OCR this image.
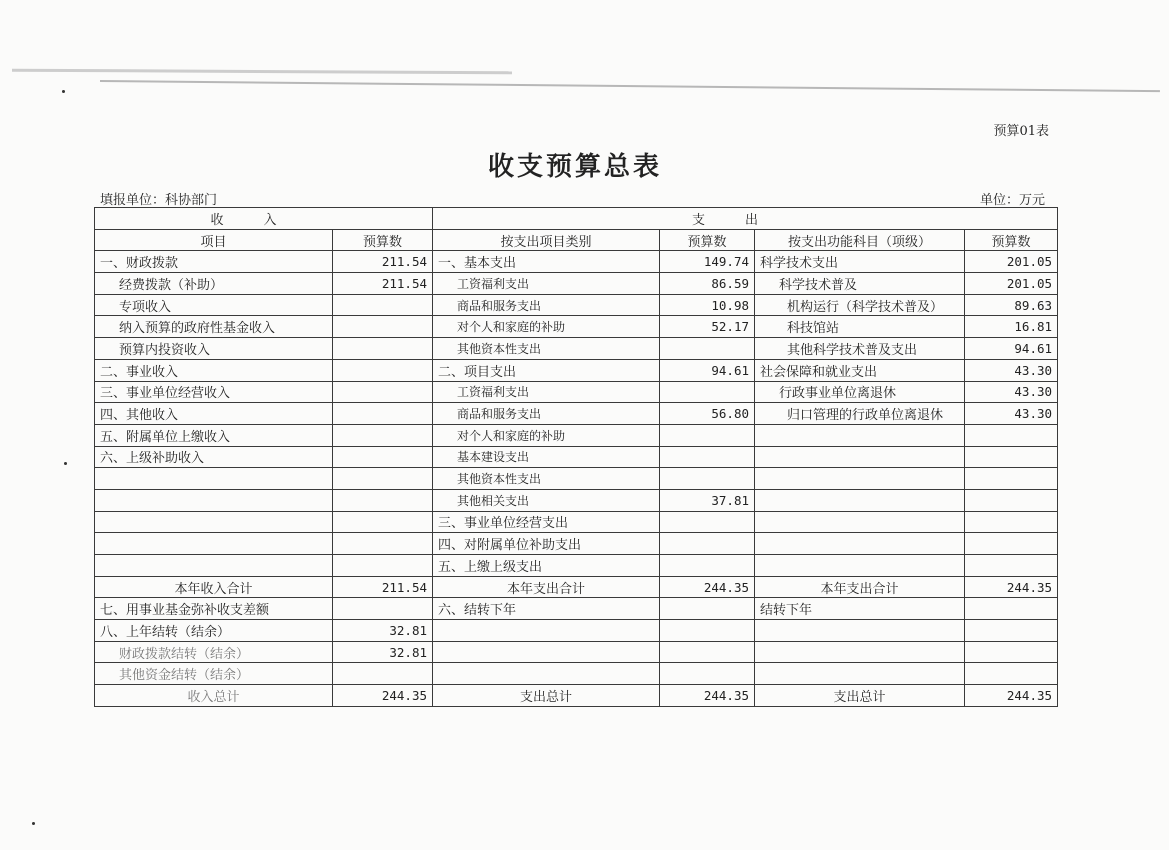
预算01表
收支预算总表
填报单位：科协部门	单位：万元
收入		支出			
项目	预算数	按支出项目类别	预算数	按支出功能科目（项级）	预算数
一、财政拨款	211.54	一、基本支出	149.74	科学技术支出	201.05
经费拨款（补助）	211.54	工资福利支出	86.59	科学技术普及	201.05
专项收入		商品和服务支出	10.98	机构运行（科学技术普及）	89.63
纳入预算的政府性基金收入		对个人和家庭的补助	52.17	科技馆站	16.81
预算内投资收入		其他资本性支出		其他科学技术普及支出	94.61
二、事业收入		二、项目支出	94.61	社会保障和就业支出	43.30
三、事业单位经营收入		工资福利支出		行政事业单位离退休	43.30
四、其他收入		商品和服务支出	56.80	归口管理的行政单位离退休	43.30
五、附属单位上缴收入		对个人和家庭的补助			
六、上级补助收入		基本建设支出			
		其他资本性支出			
		其他相关支出	37.81		
		三、事业单位经营支出			
		四、对附属单位补助支出			
		五、上缴上级支出			
本年收入合计	211.54	本年支出合计	244.35	本年支出合计	244.35
七、用事业基金弥补收支差额		六、结转下年		结转下年	
八、上年结转（结余）	32.81				
财政拨款结转（结余）	32.81				
其他资金结转（结余）					
收入总计	244.35	支出总计	244.35	支出总计	244.35
